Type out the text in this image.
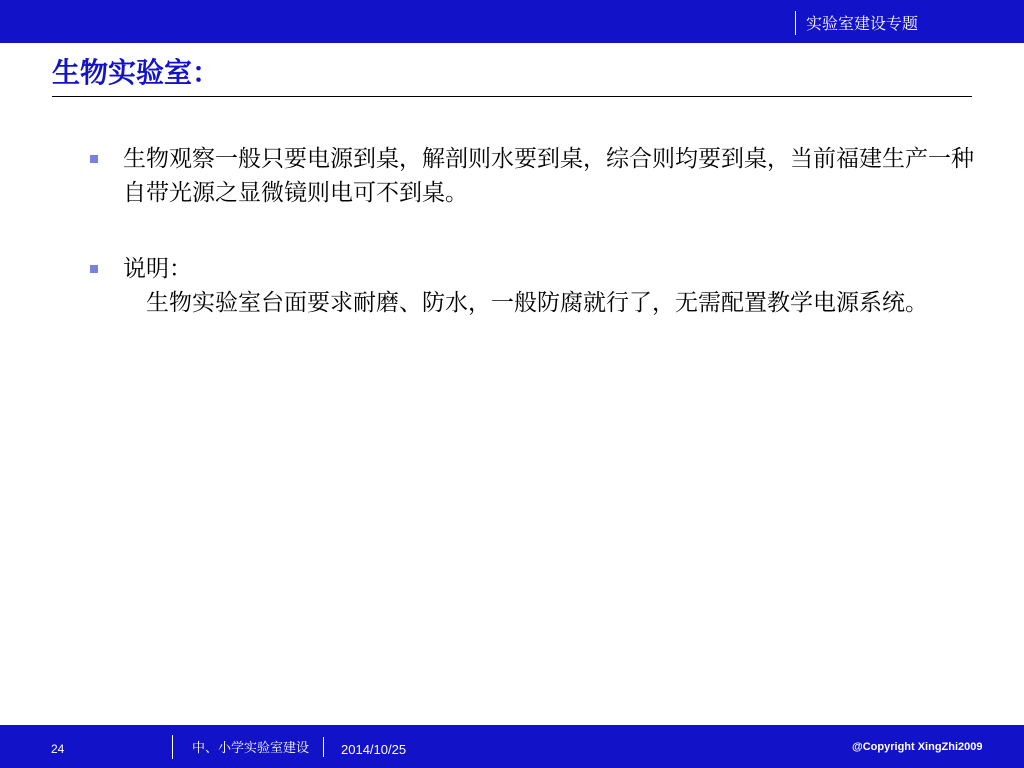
实验室建设专题
生物实验室：
生物观察一般只要电源到桌，解剖则水要到桌，综合则均要到桌，当前福建生产一种自带光源之显微镜则电可不到桌。
说明：
生物实验室台面要求耐磨、防水，一般防腐就行了，无需配置教学电源系统。
24	中、小学实验室建设 2014/10/25	@Copyright XingZhi2009
